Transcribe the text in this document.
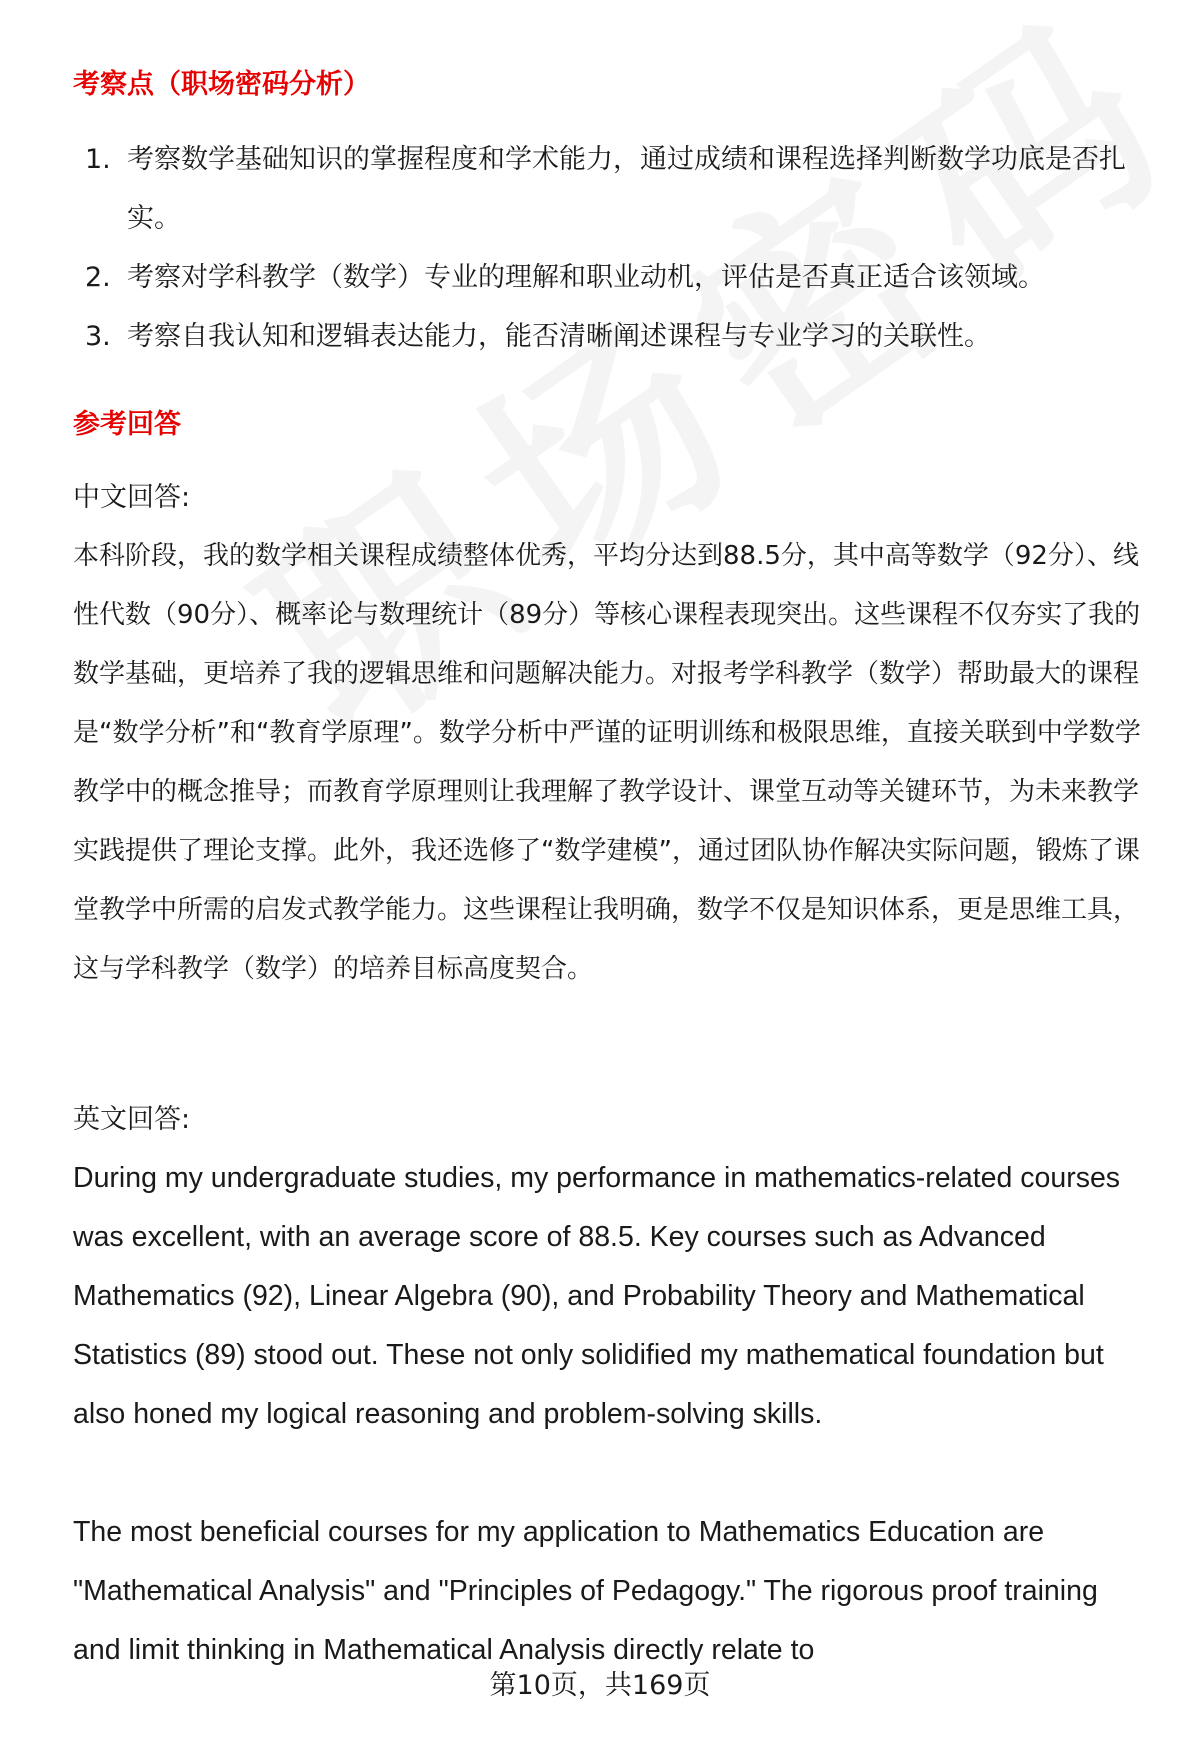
考察点（职场密码分析）
1. 考察数学基础知识的掌握程度和学术能力，通过成绩和课程选择判断数学功底是否扎实。
2. 考察对学科教学（数学）专业的理解和职业动机，评估是否真正适合该领域。
3. 考察自我认知和逻辑表达能力，能否清晰阐述课程与专业学习的关联性。
参考回答
中文回答:
本科阶段，我的数学相关课程成绩整体优秀，平均分达到88.5分，其中高等数学（92分）、线性代数（90分）、概率论与数理统计（89分）等核心课程表现突出。这些课程不仅夯实了我的数学基础，更培养了我的逻辑思维和问题解决能力。对报考学科教学（数学）帮助最大的课程是“数学分析”和“教育学原理”。数学分析中严谨的证明训练和极限思维，直接关联到中学数学教学中的概念推导；而教育学原理则让我理解了教学设计、课堂互动等关键环节，为未来教学实践提供了理论支撑。此外，我还选修了“数学建模”，通过团队协作解决实际问题，锻炼了课堂教学中所需的启发式教学能力。这些课程让我明确，数学不仅是知识体系，更是思维工具，这与学科教学（数学）的培养目标高度契合。
英文回答:
During my undergraduate studies, my performance in mathematics-related courses was excellent, with an average score of 88.5. Key courses such as Advanced Mathematics (92), Linear Algebra (90), and Probability Theory and Mathematical Statistics (89) stood out. These not only solidified my mathematical foundation but also honed my logical reasoning and problem-solving skills.
The most beneficial courses for my application to Mathematics Education are "Mathematical Analysis" and "Principles of Pedagogy." The rigorous proof training and limit thinking in Mathematical Analysis directly relate to
第10页，共169页
